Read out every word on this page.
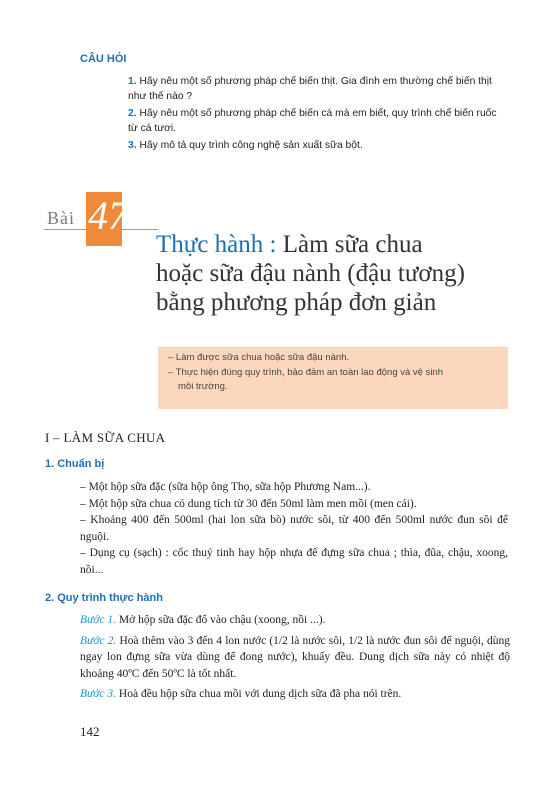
CÂU HỎI

1. Hãy nêu một số phương pháp chế biến thịt. Gia đình em thường chế biến thịt như thế nào ?

2. Hãy nêu một số phương pháp chế biến cá mà em biết, quy trình chế biến ruốc từ cá tươi.

3. Hãy mô tả quy trình công nghệ sản xuất sữa bột.

Bài 47
Thực hành : Làm sữa chua
hoặc sữa đậu nành (đậu tương)
bằng phương pháp đơn giản

– Làm được sữa chua hoặc sữa đậu nành.

– Thực hiện đúng quy trình, bảo đảm an toàn lao động và vệ sinh

môi trường.

I – LÀM SỮA CHUA
1. Chuẩn bị

– Một hộp sữa đặc (sữa hộp ông Thọ, sữa hộp Phương Nam...).

– Một hộp sữa chua có dung tích từ 30 đến 50ml làm men mồi (men cái).

– Khoảng 400 đến 500ml (hai lon sữa bò) nước sôi, từ 400 đến 500ml nước đun sôi để nguội.

– Dụng cụ (sạch) : cốc thuỷ tinh hay hộp nhựa để đựng sữa chua ; thìa, đũa, chậu, xoong, nồi...

2. Quy trình thực hành

Bước 1. Mở hộp sữa đặc đổ vào chậu (xoong, nồi ...).

Bước 2. Hoà thêm vào 3 đến 4 lon nước (1/2 là nước sôi, 1/2 là nước đun sôi để nguội, dùng ngay lon đựng sữa vừa dùng để đong nước), khuấy đều. Dung dịch sữa này có nhiệt độ khoảng 40ºC đến 50ºC là tốt nhất.

Bước 3. Hoà đều hộp sữa chua mồi với dung dịch sữa đã pha nói trên.

142
